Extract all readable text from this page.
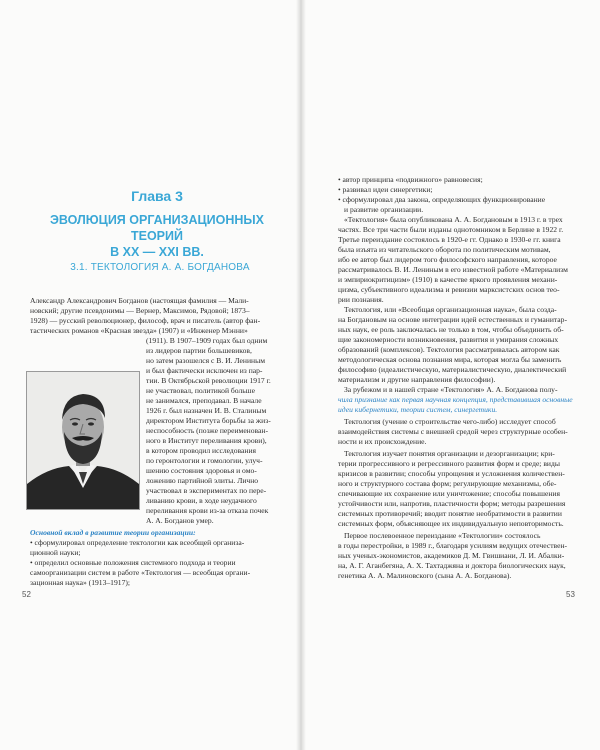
Глава 3
ЭВОЛЮЦИЯ ОРГАНИЗАЦИОННЫХ ТЕОРИЙ
В XX — XXI ВВ.
3.1. ТЕКТОЛОГИЯ А. А. БОГДАНОВА
Александр Александрович Богданов (настоящая фамилия — Мали-
новский; другие псевдонимы — Вернер, Максимов, Рядовой; 1873–
1928) — русский революционер, философ, врач и писатель (автор фан-
тастических романов «Красная звезда» (1907) и «Инженер Мэнни»
(1911). В 1907–1909 годах был одним
из лидеров партии большевиков,
но затем разошелся с В. И. Лениным
и был фактически исключен из пар-
тии. В Октябрьской революции 1917 г.
не участвовал, политикой больше
не занимался, преподавал. В начале
1926 г. был назначен И. В. Сталиным
директором Института борьбы за жиз-
неспособность (позже переименован-
ного в Институт переливания крови),
в котором проводил исследования
по геронтологии и гомологии, улуч-
шению состояния здоровья и омо-
ложению партийной элиты. Лично
участвовал в экспериментах по пере-
ливанию крови, в ходе неудачного
переливания крови из-за отказа почек
А. А. Богданов умер.
Основной вклад в развитие теории организации:
• сформулировал определение тектологии как всеобщей организа-
ционной науки;
• определил основные положения системного подхода и теории
самоорганизации систем в работе «Тектология — всеобщая органи-
зационная наука» (1913–1917);
52
• автор принципа «подвижного» равновесия;
• развивал идеи синергетики;
• сформулировал два закона, определяющих функционирование
и развитие организации.
«Тектология» была опубликована А. А. Богдановым в 1913 г. в трех
частях. Все три части были изданы однотомником в Берлине в 1922 г.
Третье переиздание состоялось в 1920-е гг. Однако в 1930-е гг. книга
была изъята из читательского оборота по политическим мотивам,
ибо ее автор был лидером того философского направления, которое
рассматривалось В. И. Лениным в его известной работе «Материализм
и эмпириокритицизм» (1910) в качестве яркого проявления механи-
цизма, субъективного идеализма и ревизии марксистских основ тео-
рии познания.
Тектология, или «Всеобщая организационная наука», была созда-
на Богдановым на основе интеграции идей естественных и гуманитар-
ных наук, ее роль заключалась не только в том, чтобы объединить об-
щие закономерности возникновения, развития и умирания сложных
образований (комплексов). Тектология рассматривалась автором как
методологическая основа познания мира, которая могла бы заменить
философию (идеалистическую, материалистическую, диалектический
материализм и другие направления философии).
За рубежом и в нашей стране «Тектология» А. А. Богданова полу-
чила признание как первая научная концепция, представившая основные
идеи кибернетики, теории систем, синергетики.
Тектология (учение о строительстве чего-либо) исследует способ
взаимодействия системы с внешней средой через структурные особен-
ности и их происхождение.
Тектология изучает понятия организации и дезорганизации; кри-
терии прогрессивного и регрессивного развития форм и среде; виды
кризисов в развитии; способы упрощения и усложнения количествен-
ного и структурного состава форм; регулирующие механизмы, обе-
спечивающие их сохранение или уничтожение; способы повышения
устойчивости или, напротив, пластичности форм; методы разрешения
системных противоречий; вводит понятие необратимости в развитии
системных форм, объясняющее их индивидуальную неповторимость.
Первое послевоенное переиздание «Тектологии» состоялось
в годы перестройки, в 1989 г., благодаря усилиям ведущих отечествен-
ных ученых-экономистов, академиков Д. М. Гвишиани, Л. И. Абалки-
на, А. Г. Аганбегяна, А. Х. Тахтаджяна и доктора биологических наук,
генетика А. А. Малиновского (сына А. А. Богданова).
53
